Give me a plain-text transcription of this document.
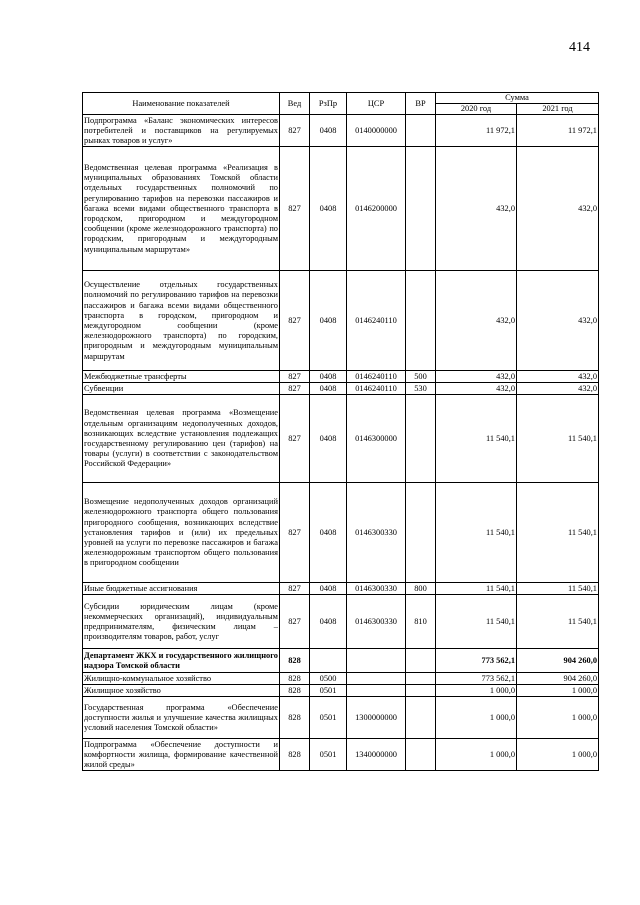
414
Наименование показателей	Вед	РзПр	ЦСР	ВР	Сумма	
					2020 год	2021 год
Подпрограмма «Баланс экономических интересов потребителей и поставщиков на регулируемых рынках товаров и услуг»	827	0408	0140000000		11 972,1	11 972,1
Ведомственная целевая программа «Реализация в муниципальных образованиях Томской области отдельных государственных полномочий по регулированию тарифов на перевозки пассажиров и багажа всеми видами общественного транспорта в городском, пригородном и междугородном сообщении (кроме железнодорожного транспорта) по городским, пригородным и междугородным муниципальным маршрутам»	827	0408	0146200000		432,0	432,0
Осуществление отдельных государственных полномочий по регулированию тарифов на перевозки пассажиров и багажа всеми видами общественного транспорта в городском, пригородном и междугородном сообщении (кроме железнодорожного транспорта) по городским, пригородным и междугородным муниципальным маршрутам	827	0408	0146240110		432,0	432,0
Межбюджетные трансферты	827	0408	0146240110	500	432,0	432,0
Субвенции	827	0408	0146240110	530	432,0	432,0
Ведомственная целевая программа «Возмещение отдельным организациям недополученных доходов, возникающих вследствие установления подлежащих государственному регулированию цен (тарифов) на товары (услуги) в соответствии с законодательством Российской Федерации»	827	0408	0146300000		11 540,1	11 540,1
Возмещение недополученных доходов организаций железнодорожного транспорта общего пользования пригородного сообщения, возникающих вследствие установления тарифов и (или) их предельных уровней на услуги по перевозке пассажиров и багажа железнодорожным транспортом общего пользования в пригородном сообщении	827	0408	0146300330		11 540,1	11 540,1
Иные бюджетные ассигнования	827	0408	0146300330	800	11 540,1	11 540,1
Субсидии юридическим лицам (кроме некоммерческих организаций), индивидуальным предпринимателям, физическим лицам – производителям товаров, работ, услуг	827	0408	0146300330	810	11 540,1	11 540,1
Департамент ЖКХ и государственного жилищного надзора Томской области	828				773 562,1	904 260,0
Жилищно-коммунальное хозяйство	828	0500			773 562,1	904 260,0
Жилищное хозяйство	828	0501			1 000,0	1 000,0
Государственная программа «Обеспечение доступности жилья и улучшение качества жилищных условий населения Томской области»	828	0501	1300000000		1 000,0	1 000,0
Подпрограмма «Обеспечение доступности и комфортности жилища, формирование качественной жилой среды»	828	0501	1340000000		1 000,0	1 000,0
